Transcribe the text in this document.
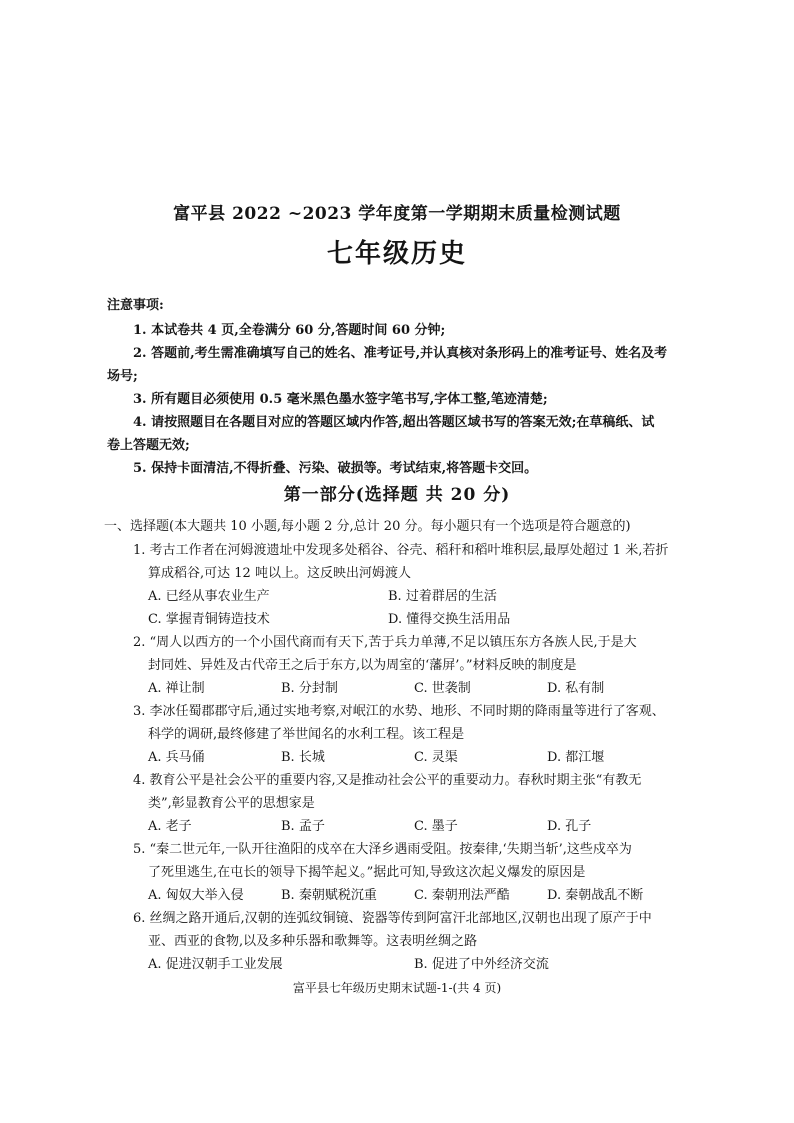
富平县 2022 ~2023 学年度第一学期期末质量检测试题
七年级历史
注意事项:
1. 本试卷共 4 页,全卷满分 60 分,答题时间 60 分钟;
2. 答题前,考生需准确填写自己的姓名、准考证号,并认真核对条形码上的准考证号、姓名及考
场号;
3. 所有题目必须使用 0.5 毫米黑色墨水签字笔书写,字体工整,笔迹清楚;
4. 请按照题目在各题目对应的答题区域内作答,超出答题区域书写的答案无效;在草稿纸、试
卷上答题无效;
5. 保持卡面清洁,不得折叠、污染、破损等。考试结束,将答题卡交回。
第一部分(选择题 共 20 分)
一、选择题(本大题共 10 小题,每小题 2 分,总计 20 分。每小题只有一个选项是符合题意的)
1. 考古工作者在河姆渡遗址中发现多处稻谷、谷壳、稻秆和稻叶堆积层,最厚处超过 1 米,若折
算成稻谷,可达 12 吨以上。这反映出河姆渡人
A. 已经从事农业生产	B. 过着群居的生活
C. 掌握青铜铸造技术	D. 懂得交换生活用品
2. “周人以西方的一个小国代商而有天下,苦于兵力单薄,不足以镇压东方各族人民,于是大
封同姓、异姓及古代帝王之后于东方,以为周室的‘藩屏’。”材料反映的制度是
A. 禅让制	B. 分封制	C. 世袭制	D. 私有制
3. 李冰任蜀郡郡守后,通过实地考察,对岷江的水势、地形、不同时期的降雨量等进行了客观、
科学的调研,最终修建了举世闻名的水利工程。该工程是
A. 兵马俑	B. 长城	C. 灵渠	D. 都江堰
4. 教育公平是社会公平的重要内容,又是推动社会公平的重要动力。春秋时期主张“有教无
类”,彰显教育公平的思想家是
A. 老子	B. 孟子	C. 墨子	D. 孔子
5. “秦二世元年,一队开往渔阳的戍卒在大泽乡遇雨受阻。按秦律,‘失期当斩’,这些戍卒为
了死里逃生,在屯长的领导下揭竿起义。”据此可知,导致这次起义爆发的原因是
A. 匈奴大举入侵	B. 秦朝赋税沉重	C. 秦朝刑法严酷	D. 秦朝战乱不断
6. 丝绸之路开通后,汉朝的连弧纹铜镜、瓷器等传到阿富汗北部地区,汉朝也出现了原产于中
亚、西亚的食物,以及多种乐器和歌舞等。这表明丝绸之路
A. 促进汉朝手工业发展	B. 促进了中外经济交流
富平县七年级历史期末试题-1-(共 4 页)
